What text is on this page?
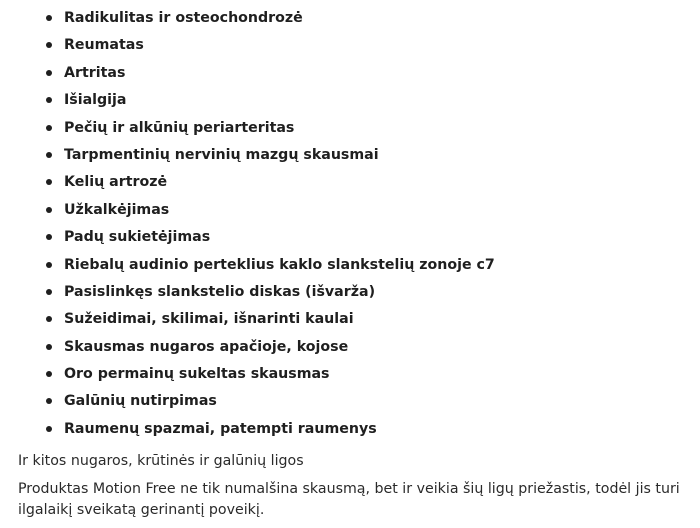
Radikulitas ir osteochondrozė
Reumatas
Artritas
Išialgija
Pečių ir alkūnių periarteritas
Tarpmentinių nervinių mazgų skausmai
Kelių artrozė
Užkalkėjimas
Padų sukietėjimas
Riebalų audinio perteklius kaklo slankstelių zonoje c7
Pasislinkęs slankstelio diskas (išvarža)
Sužeidimai, skilimai, išnarinti kaulai
Skausmas nugaros apačioje, kojose
Oro permainų sukeltas skausmas
Galūnių nutirpimas
Raumenų spazmai, patempti raumenys

Ir kitos nugaros, krūtinės ir galūnių ligos

Produktas Motion Free ne tik numalšina skausmą, bet ir veikia šių ligų priežastis, todėl jis turi ilgalaikį sveikatą gerinantį poveikį.
